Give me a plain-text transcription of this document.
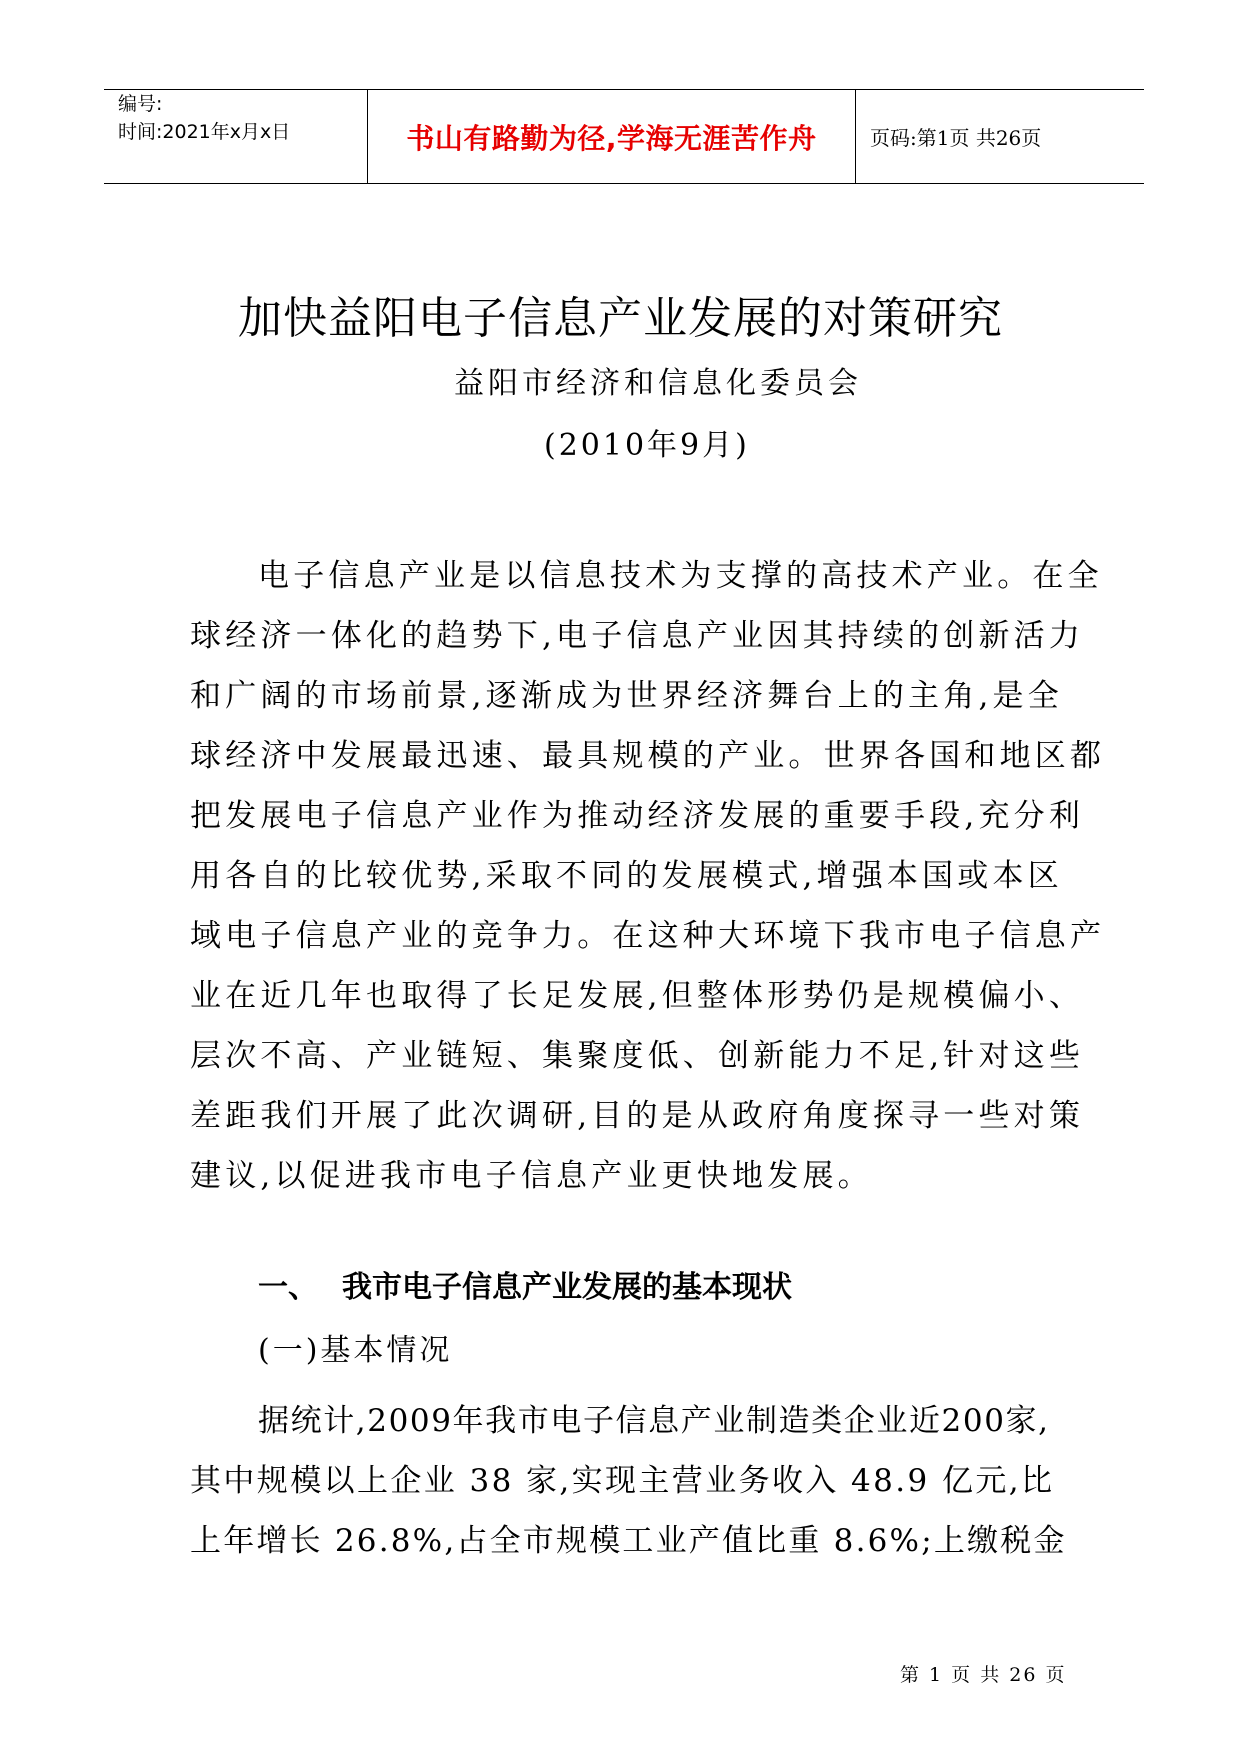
编号:
时间:2021年x月x日	书山有路勤为径,学海无涯苦作舟	页码:第1页 共26页
加快益阳电子信息产业发展的对策研究
益阳市经济和信息化委员会
(2010年9月)
电子信息产业是以信息技术为支撑的高技术产业。在全
球经济一体化的趋势下,电子信息产业因其持续的创新活力
和广阔的市场前景,逐渐成为世界经济舞台上的主角,是全
球经济中发展最迅速、最具规模的产业。世界各国和地区都
把发展电子信息产业作为推动经济发展的重要手段,充分利
用各自的比较优势,采取不同的发展模式,增强本国或本区
域电子信息产业的竞争力。在这种大环境下我市电子信息产
业在近几年也取得了长足发展,但整体形势仍是规模偏小、
层次不高、产业链短、集聚度低、创新能力不足,针对这些
差距我们开展了此次调研,目的是从政府角度探寻一些对策
建议,以促进我市电子信息产业更快地发展。
一、 我市电子信息产业发展的基本现状
(一)基本情况
据统计,2009年我市电子信息产业制造类企业近200家,
其中规模以上企业 38 家,实现主营业务收入 48.9 亿元,比
上年增长 26.8%,占全市规模工业产值比重 8.6%;上缴税金
第 1 页 共 26 页
